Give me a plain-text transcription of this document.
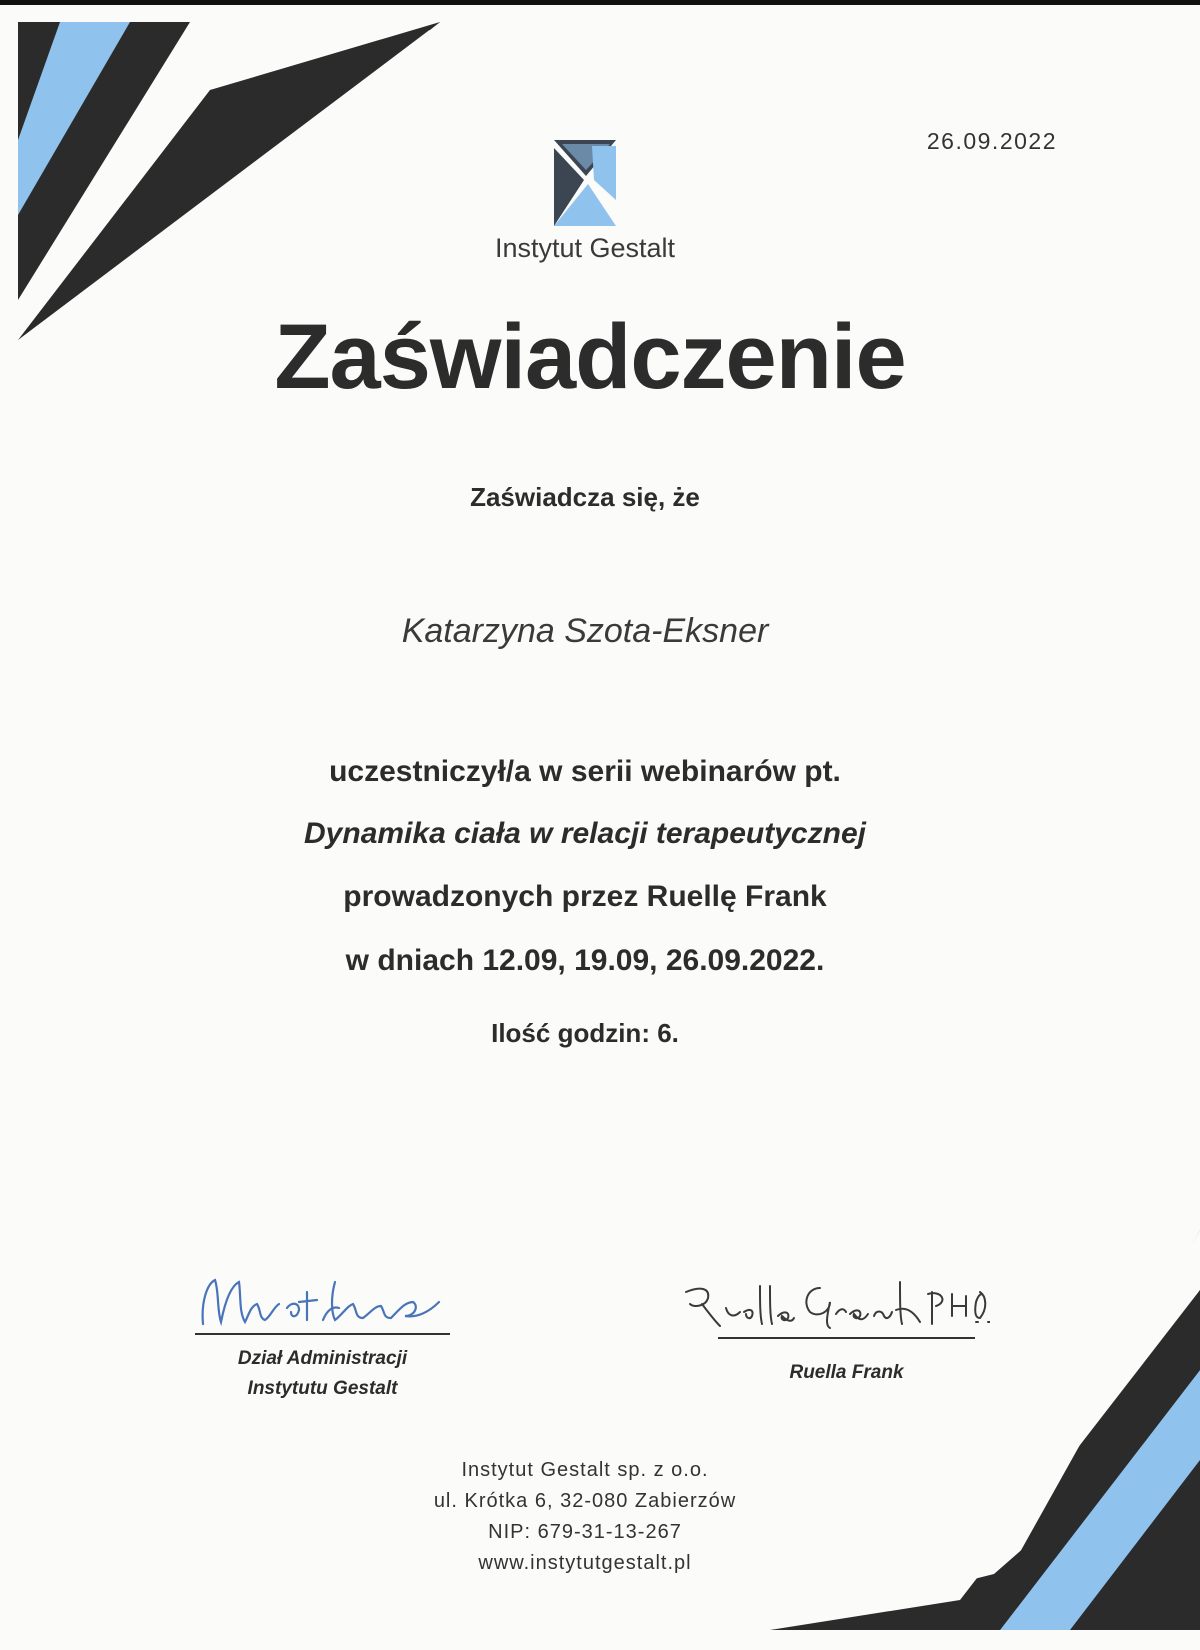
26.09.2022
Instytut Gestalt
Zaświadczenie
Zaświadcza się, że
Katarzyna Szota-Eksner
uczestniczył/a w serii webinarów pt.
Dynamika ciała w relacji terapeutycznej
prowadzonych przez Ruellę Frank
w dniach 12.09, 19.09, 26.09.2022.
Ilość godzin: 6.
Dział Administracji
Instytutu Gestalt
Ruella Frank
Instytut Gestalt sp. z o.o.
ul. Krótka 6, 32-080 Zabierzów
NIP: 679-31-13-267
www.instytutgestalt.pl
